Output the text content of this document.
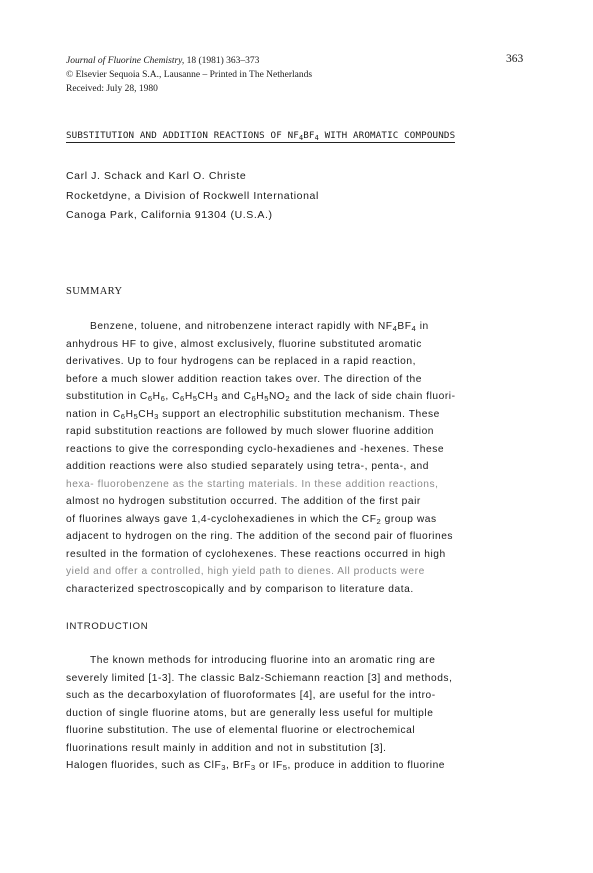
Journal of Fluorine Chemistry, 18 (1981) 363–373
© Elsevier Sequoia S.A., Lausanne – Printed in The Netherlands
Received: July 28, 1980
363
SUBSTITUTION AND ADDITION REACTIONS OF $NF_4BF_4$ WITH AROMATIC COMPOUNDS
Carl J. Schack and Karl O. Christe
Rocketdyne, a Division of Rockwell International
Canoga Park, California 91304 (U.S.A.)
SUMMARY
Benzene, toluene, and nitrobenzene interact rapidly with $NF_4BF_4$ in
anhydrous HF to give, almost exclusively, fluorine substituted aromatic
derivatives. Up to four hydrogens can be replaced in a rapid reaction,
before a much slower addition reaction takes over. The direction of the
substitution in $C_6H_6$, $C_6H_5CH_3$ and $C_6H_5NO_2$ and the lack of side chain fluori-
nation in $C_6H_5CH_3$ support an electrophilic substitution mechanism. These
rapid substitution reactions are followed by much slower fluorine addition
reactions to give the corresponding cyclo-hexadienes and -hexenes. These
addition reactions were also studied separately using tetra-, penta-, and
hexa- fluorobenzene as the starting materials. In these addition reactions,
almost no hydrogen substitution occurred. The addition of the first pair
of fluorines always gave 1,4-cyclohexadienes in which the $CF_2$ group was
adjacent to hydrogen on the ring. The addition of the second pair of fluorines
resulted in the formation of cyclohexenes. These reactions occurred in high
yield and offer a controlled, high yield path to dienes. All products were
characterized spectroscopically and by comparison to literature data.
INTRODUCTION
The known methods for introducing fluorine into an aromatic ring are
severely limited [1-3]. The classic Balz-Schiemann reaction [3] and methods,
such as the decarboxylation of fluoroformates [4], are useful for the intro-
duction of single fluorine atoms, but are generally less useful for multiple
fluorine substitution. The use of elemental fluorine or electrochemical
fluorinations result mainly in addition and not in substitution [3].
Halogen fluorides, such as ClF$_3$, BrF$_3$ or $IF_5$, produce in addition to fluorine
